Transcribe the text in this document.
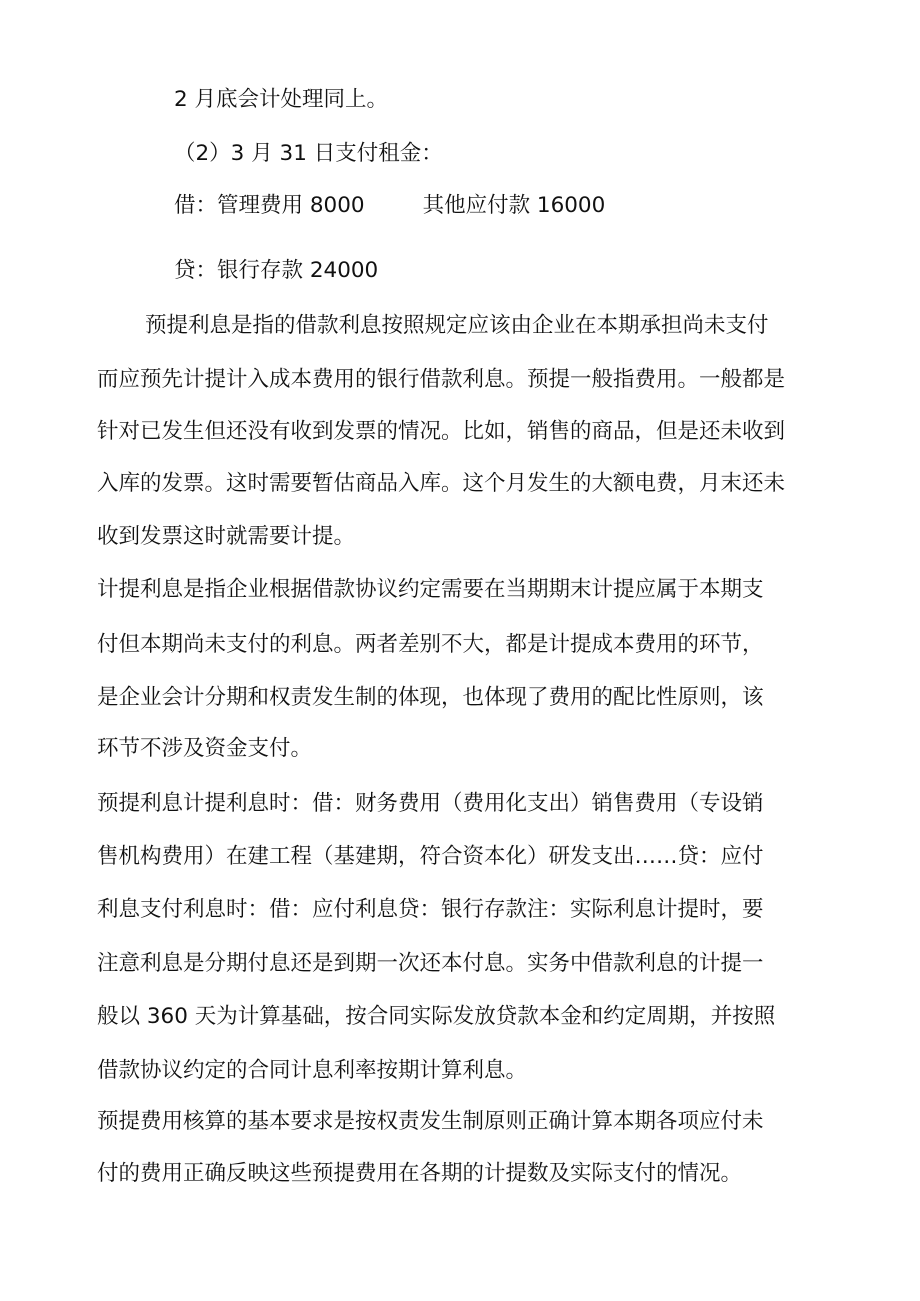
2 月底会计处理同上。
（2）3 月 31 日支付租金：
借：管理费用 8000	其他应付款 16000
贷：银行存款 24000
预提利息是指的借款利息按照规定应该由企业在本期承担尚未支付
而应预先计提计入成本费用的银行借款利息。预提一般指费用。一般都是
针对已发生但还没有收到发票的情况。比如，销售的商品，但是还未收到
入库的发票。这时需要暂估商品入库。这个月发生的大额电费，月末还未
收到发票这时就需要计提。
计提利息是指企业根据借款协议约定需要在当期期末计提应属于本期支
付但本期尚未支付的利息。两者差别不大，都是计提成本费用的环节，
是企业会计分期和权责发生制的体现，也体现了费用的配比性原则，该
环节不涉及资金支付。
预提利息计提利息时：借：财务费用（费用化支出）销售费用（专设销
售机构费用）在建工程（基建期，符合资本化）研发支出……贷：应付
利息支付利息时：借：应付利息贷：银行存款注：实际利息计提时，要
注意利息是分期付息还是到期一次还本付息。实务中借款利息的计提一
般以 360 天为计算基础，按合同实际发放贷款本金和约定周期，并按照
借款协议约定的合同计息利率按期计算利息。
预提费用核算的基本要求是按权责发生制原则正确计算本期各项应付未
付的费用正确反映这些预提费用在各期的计提数及实际支付的情况。
